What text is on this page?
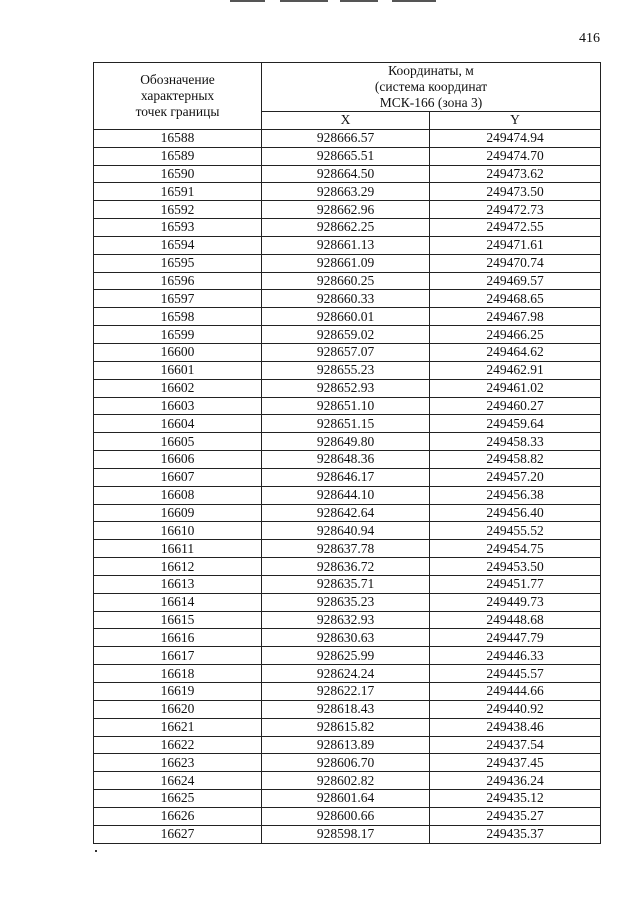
416
Обозначение
характерных
точек границы	Координаты, м
(система координат
МСК-166 (зона 3)	

	X	Y
16588	928666.57	249474.94
16589	928665.51	249474.70
16590	928664.50	249473.62
16591	928663.29	249473.50
16592	928662.96	249472.73
16593	928662.25	249472.55
16594	928661.13	249471.61
16595	928661.09	249470.74
16596	928660.25	249469.57
16597	928660.33	249468.65
16598	928660.01	249467.98
16599	928659.02	249466.25
16600	928657.07	249464.62
16601	928655.23	249462.91
16602	928652.93	249461.02
16603	928651.10	249460.27
16604	928651.15	249459.64
16605	928649.80	249458.33
16606	928648.36	249458.82
16607	928646.17	249457.20
16608	928644.10	249456.38
16609	928642.64	249456.40
16610	928640.94	249455.52
16611	928637.78	249454.75
16612	928636.72	249453.50
16613	928635.71	249451.77
16614	928635.23	249449.73
16615	928632.93	249448.68
16616	928630.63	249447.79
16617	928625.99	249446.33
16618	928624.24	249445.57
16619	928622.17	249444.66
16620	928618.43	249440.92
16621	928615.82	249438.46
16622	928613.89	249437.54
16623	928606.70	249437.45
16624	928602.82	249436.24
16625	928601.64	249435.12
16626	928600.66	249435.27
16627	928598.17	249435.37
